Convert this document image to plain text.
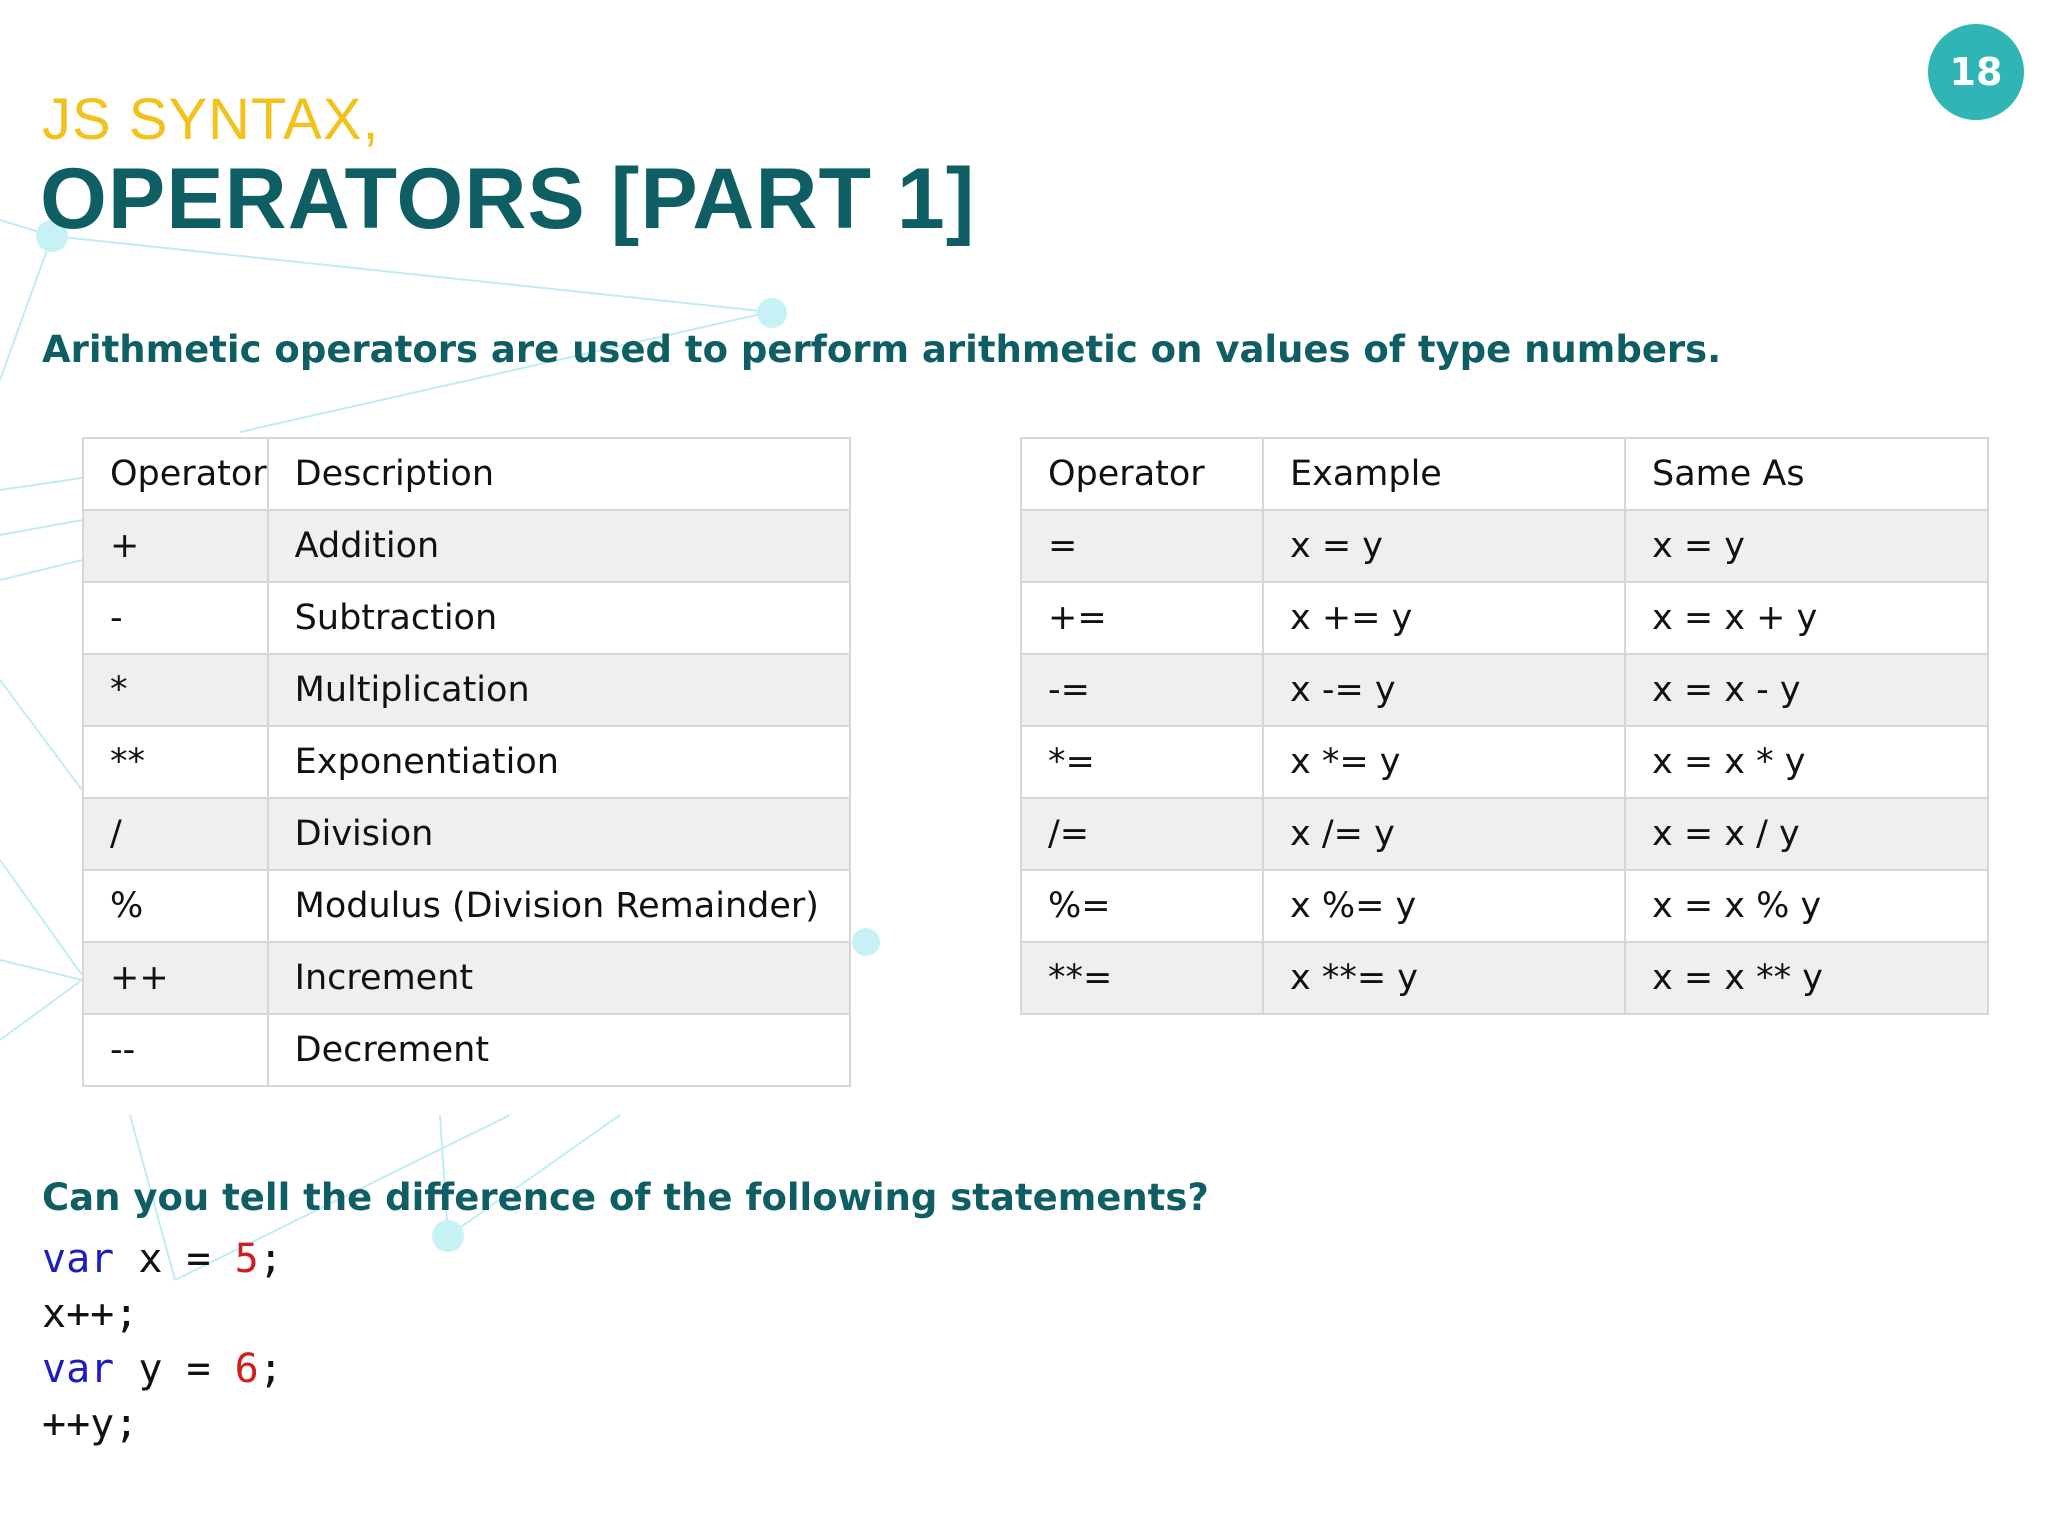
18
JS SYNTAX,
OPERATORS [PART 1]
Arithmetic operators are used to perform arithmetic on values of type numbers.
Operator	Description
+	Addition
-	Subtraction
*	Multiplication
**	Exponentiation
/	Division
%	Modulus (Division Remainder)
++	Increment
--	Decrement
Operator	Example	Same As
=	x = y	x = y
+=	x += y	x = x + y
-=	x -= y	x = x - y
*=	x *= y	x = x * y
/=	x /= y	x = x / y
%=	x %= y	x = x % y
**=	x **= y	x = x ** y
Can you tell the difference of the following statements?
var x = 5;
x++;
var y = 6;
++y;
